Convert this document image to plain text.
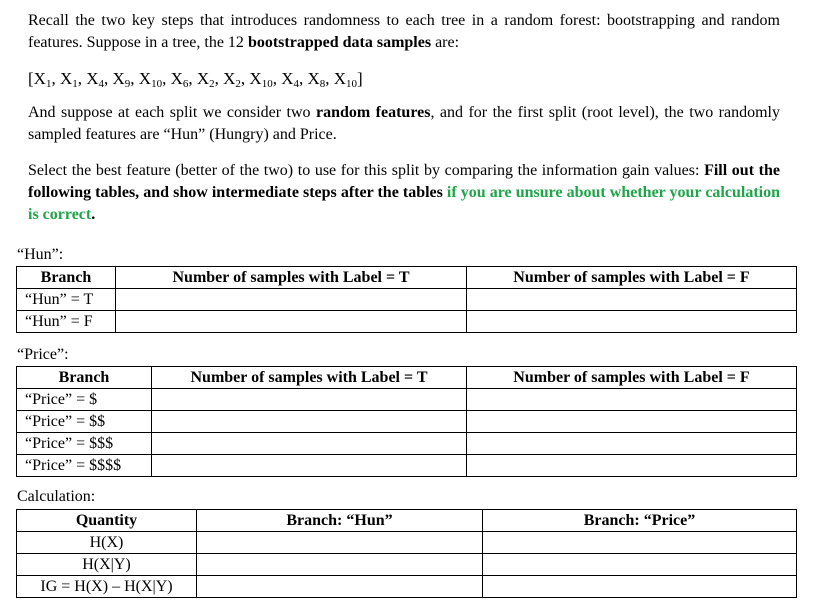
Recall the two key steps that introduces randomness to each tree in a random forest: bootstrapping and random features. Suppose in a tree, the 12 bootstrapped data samples are:

[$X_1$, $X_1$, $X_4$, $X_9$, $X_{10}$, $X_6$, $X_2$, $X_2$, $X_{10}$, $X_4$, $X_8$, $X_{10}$]

And suppose at each split we consider two random features, and for the first split (root level), the two randomly sampled features are “Hun” (Hungry) and Price.

Select the best feature (better of the two) to use for this split by comparing the information gain values: Fill out the following tables, and show intermediate steps after the tables if you are unsure about whether your calculation is correct.

“Hun”:
Branch	Number of samples with Label = T	Number of samples with Label = F
“Hun” = T		
“Hun” = F		
“Price”:
Branch	Number of samples with Label = T	Number of samples with Label = F
“Price” = $		
“Price” = $$		
“Price” = $$$		
“Price” = $$$$		
Calculation:
Quantity	Branch: “Hun”	Branch: “Price”
H(X)		
H(X|Y)		
IG = H(X) – H(X|Y)		
